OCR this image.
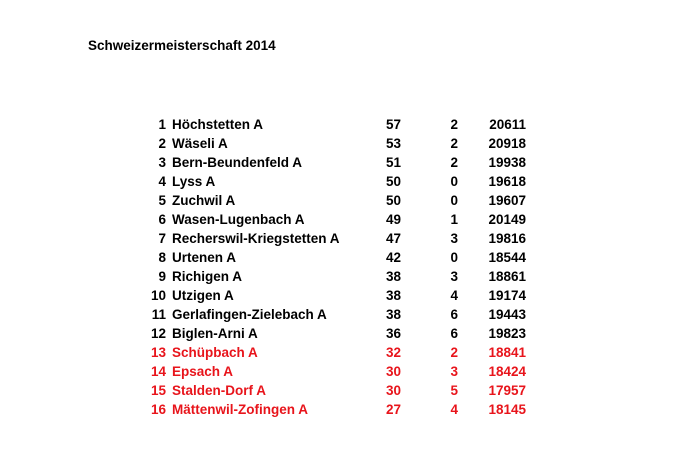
Schweizermeisterschaft 2014
1 Höchstetten A	57	2	20611
2 Wäseli A	53	2	20918
3 Bern-Beundenfeld A	51	2	19938
4 Lyss A	50	0	19618
5 Zuchwil A	50	0	19607
6 Wasen-Lugenbach A	49	1	20149
7 Recherswil-Kriegstetten A	47	3	19816
8 Urtenen A	42	0	18544
9 Richigen A	38	3	18861
10 Utzigen A	38	4	19174
11 Gerlafingen-Zielebach A	38	6	19443
12 Biglen-Arni A	36	6	19823
13 Schüpbach A	32	2	18841
14 Epsach A	30	3	18424
15 Stalden-Dorf A	30	5	17957
16 Mättenwil-Zofingen A	27	4	18145
